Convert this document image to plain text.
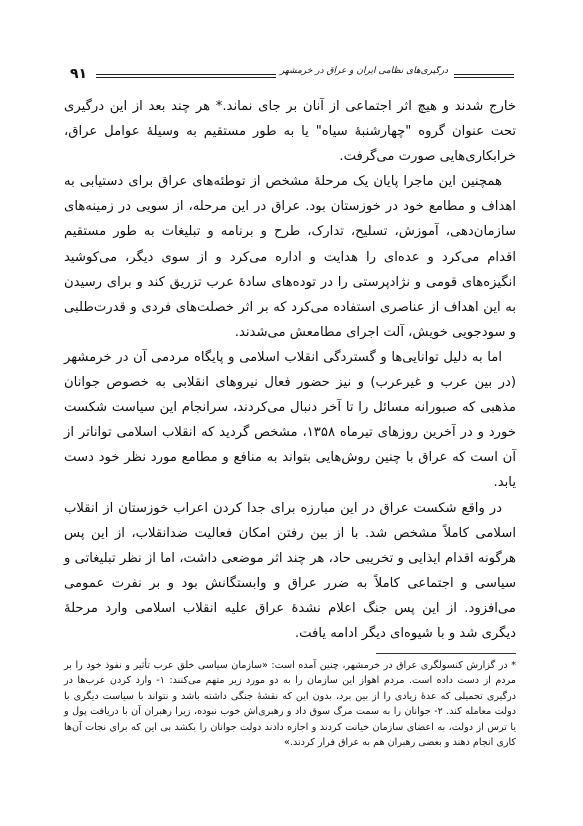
۹۱	درگیری‌های نظامی ایران و عراق در خرمشهر

خارج شدند و هیچ اثر اجتماعی از آنان بر جای نماند.* هر چند بعد از این درگیری تحت عنوان گروه "چهارشنبهٔ سیاه" یا به طور مستقیم به وسیلهٔ عوامل عراق، خرابکاری‌هایی صورت می‌گرفت.

همچنین این ماجرا پایان یک مرحلهٔ مشخص از توطئه‌های عراق برای دستیابی به اهداف و مطامع خود در خوزستان بود. عراق در این مرحله، از سویی در زمینه‌های سازمان‌دهی، آموزش، تسلیح، تدارک، طرح و برنامه و تبلیغات به طور مستقیم اقدام می‌کرد و عده‌ای را هدایت و اداره می‌کرد و از سوی دیگر، می‌کوشید انگیزه‌های قومی و نژادپرستی را در توده‌های سادهٔ عرب تزریق کند و برای رسیدن به این اهداف از عناصری استفاده می‌کرد که بر اثر خصلت‌های فردی و قدرت‌طلبی و سودجویی خویش، آلت اجرای مطامعش می‌شدند.

اما به دلیل توانایی‌ها و گستردگی انقلاب اسلامی و پایگاه مردمی آن در خرمشهر (در بین عرب و غیرعرب) و نیز حضور فعال نیروهای انقلابی به خصوص جوانان مذهبی که صبورانه مسائل را تا آخر دنبال می‌کردند، سرانجام این سیاست شکست خورد و در آخرین روزهای تیرماه ۱۳۵۸، مشخص گردید که انقلاب اسلامی توانا‌تر از آن است که عراق با چنین روش‌هایی بتواند به منافع و مطامع مورد نظر خود دست یابد.

در واقع شکست عراق در این مبارزه برای جدا کردن اعراب خوزستان از انقلاب اسلامی کاملاً مشخص شد. با از بین رفتن امکان فعالیت ضدانقلاب، از این پس هرگونه اقدام ایذایی و تخریبی حاد، هر چند اثر موضعی داشت، اما از نظر تبلیغاتی و سیاسی و اجتماعی کاملاً به ضرر عراق و وابستگانش بود و بر نفرت عمومی می‌افزود. از این پس جنگ اعلام نشدهٔ عراق علیه انقلاب اسلامی وارد مرحلهٔ دیگری شد و با شیوه‌ای دیگر ادامه یافت.

* در گزارش کنسولگری عراق در خرمشهر، چنین آمده است: «سازمان سیاسی خلق عرب تأثیر و نفوذ خود را بر مردم از دست داده است. مردم اهواز این سازمان را به دو مورد زیر متهم می‌کنند: ۱- وارد کردن عرب‌ها در درگیری تحمیلی که عدهٔ زیادی را از بین برد، بدون این که نقشهٔ جنگی داشته باشد و نتواند با سیاست دیگری با دولت معامله کند. ۲- جوانان را به سمت مرگ سوق داد و رهبری‌اش خوب نبوده، زیرا رهبران آن با دریافت پول و یا ترس از دولت، به اعضای سازمان خیانت کردند و اجازه دادند دولت جوانان را بکشد بی این که برای نجات آن‌ها کاری انجام دهند و بعضی رهبران هم به عراق فرار کردند.»
